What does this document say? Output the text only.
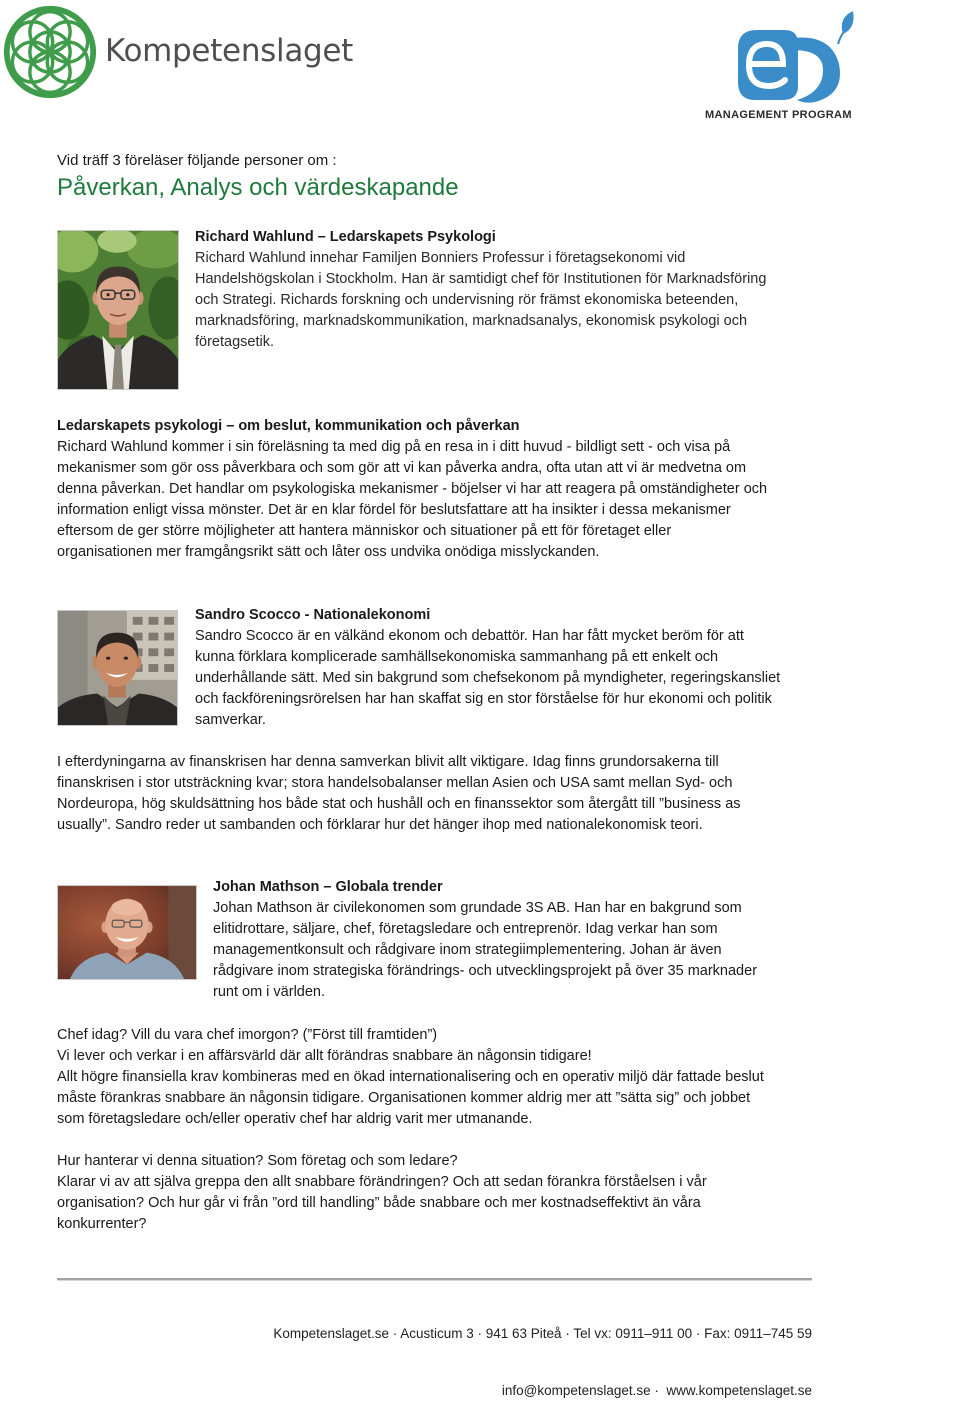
Kompetenslaget
MANAGEMENT PROGRAM
Vid träff 3 föreläser följande personer om :
Påverkan, Analys och värdeskapande
Richard Wahlund – Ledarskapets Psykologi
Richard Wahlund innehar Familjen Bonniers Professur i företagsekonomi vid
Handelshögskolan i Stockholm. Han är samtidigt chef för Institutionen för Marknadsföring
och Strategi. Richards forskning och undervisning rör främst ekonomiska beteenden,
marknadsföring, marknadskommunikation, marknadsanalys, ekonomisk psykologi och
företagsetik.
Ledarskapets psykologi – om beslut, kommunikation och påverkan
Richard Wahlund kommer i sin föreläsning ta med dig på en resa in i ditt huvud - bildligt sett - och visa på
mekanismer som gör oss påverkbara och som gör att vi kan påverka andra, ofta utan att vi är medvetna om
denna påverkan. Det handlar om psykologiska mekanismer - böjelser vi har att reagera på omständigheter och
information enligt vissa mönster. Det är en klar fördel för beslutsfattare att ha insikter i dessa mekanismer
eftersom de ger större möjligheter att hantera människor och situationer på ett för företaget eller
organisationen mer framgångsrikt sätt och låter oss undvika onödiga misslyckanden.
Sandro Scocco - Nationalekonomi
Sandro Scocco är en välkänd ekonom och debattör. Han har fått mycket beröm för att
kunna förklara komplicerade samhällsekonomiska sammanhang på ett enkelt och
underhållande sätt. Med sin bakgrund som chefsekonom på myndigheter, regeringskansliet
och fackföreningsrörelsen har han skaffat sig en stor förståelse för hur ekonomi och politik
samverkar.
I efterdyningarna av finanskrisen har denna samverkan blivit allt viktigare. Idag finns grundorsakerna till
finanskrisen i stor utsträckning kvar; stora handelsobalanser mellan Asien och USA samt mellan Syd- och
Nordeuropa, hög skuldsättning hos både stat och hushåll och en finanssektor som återgått till ”business as
usually”. Sandro reder ut sambanden och förklarar hur det hänger ihop med nationalekonomisk teori.
Johan Mathson – Globala trender
Johan Mathson är civilekonomen som grundade 3S AB. Han har en bakgrund som
elitidrottare, säljare, chef, företagsledare och entreprenör. Idag verkar han som
managementkonsult och rådgivare inom strategiimplementering. Johan är även
rådgivare inom strategiska förändrings- och utvecklingsprojekt på över 35 marknader
runt om i världen.
Chef idag? Vill du vara chef imorgon? (”Först till framtiden”)
Vi lever och verkar i en affärsvärld där allt förändras snabbare än någonsin tidigare!
Allt högre finansiella krav kombineras med en ökad internationalisering och en operativ miljö där fattade beslut
måste förankras snabbare än någonsin tidigare. Organisationen kommer aldrig mer att ”sätta sig” och jobbet
som företagsledare och/eller operativ chef har aldrig varit mer utmanande.
Hur hanterar vi denna situation? Som företag och som ledare?
Klarar vi av att själva greppa den allt snabbare förändringen? Och att sedan förankra förståelsen i vår
organisation? Och hur går vi från ”ord till handling” både snabbare och mer kostnadseffektivt än våra
konkurrenter?

Kompetenslaget.se · Acusticum 3 · 941 63 Piteå · Tel vx: 0911–911 00 · Fax: 0911–745 59

info@kompetenslaget.se ·  www.kompetenslaget.se
